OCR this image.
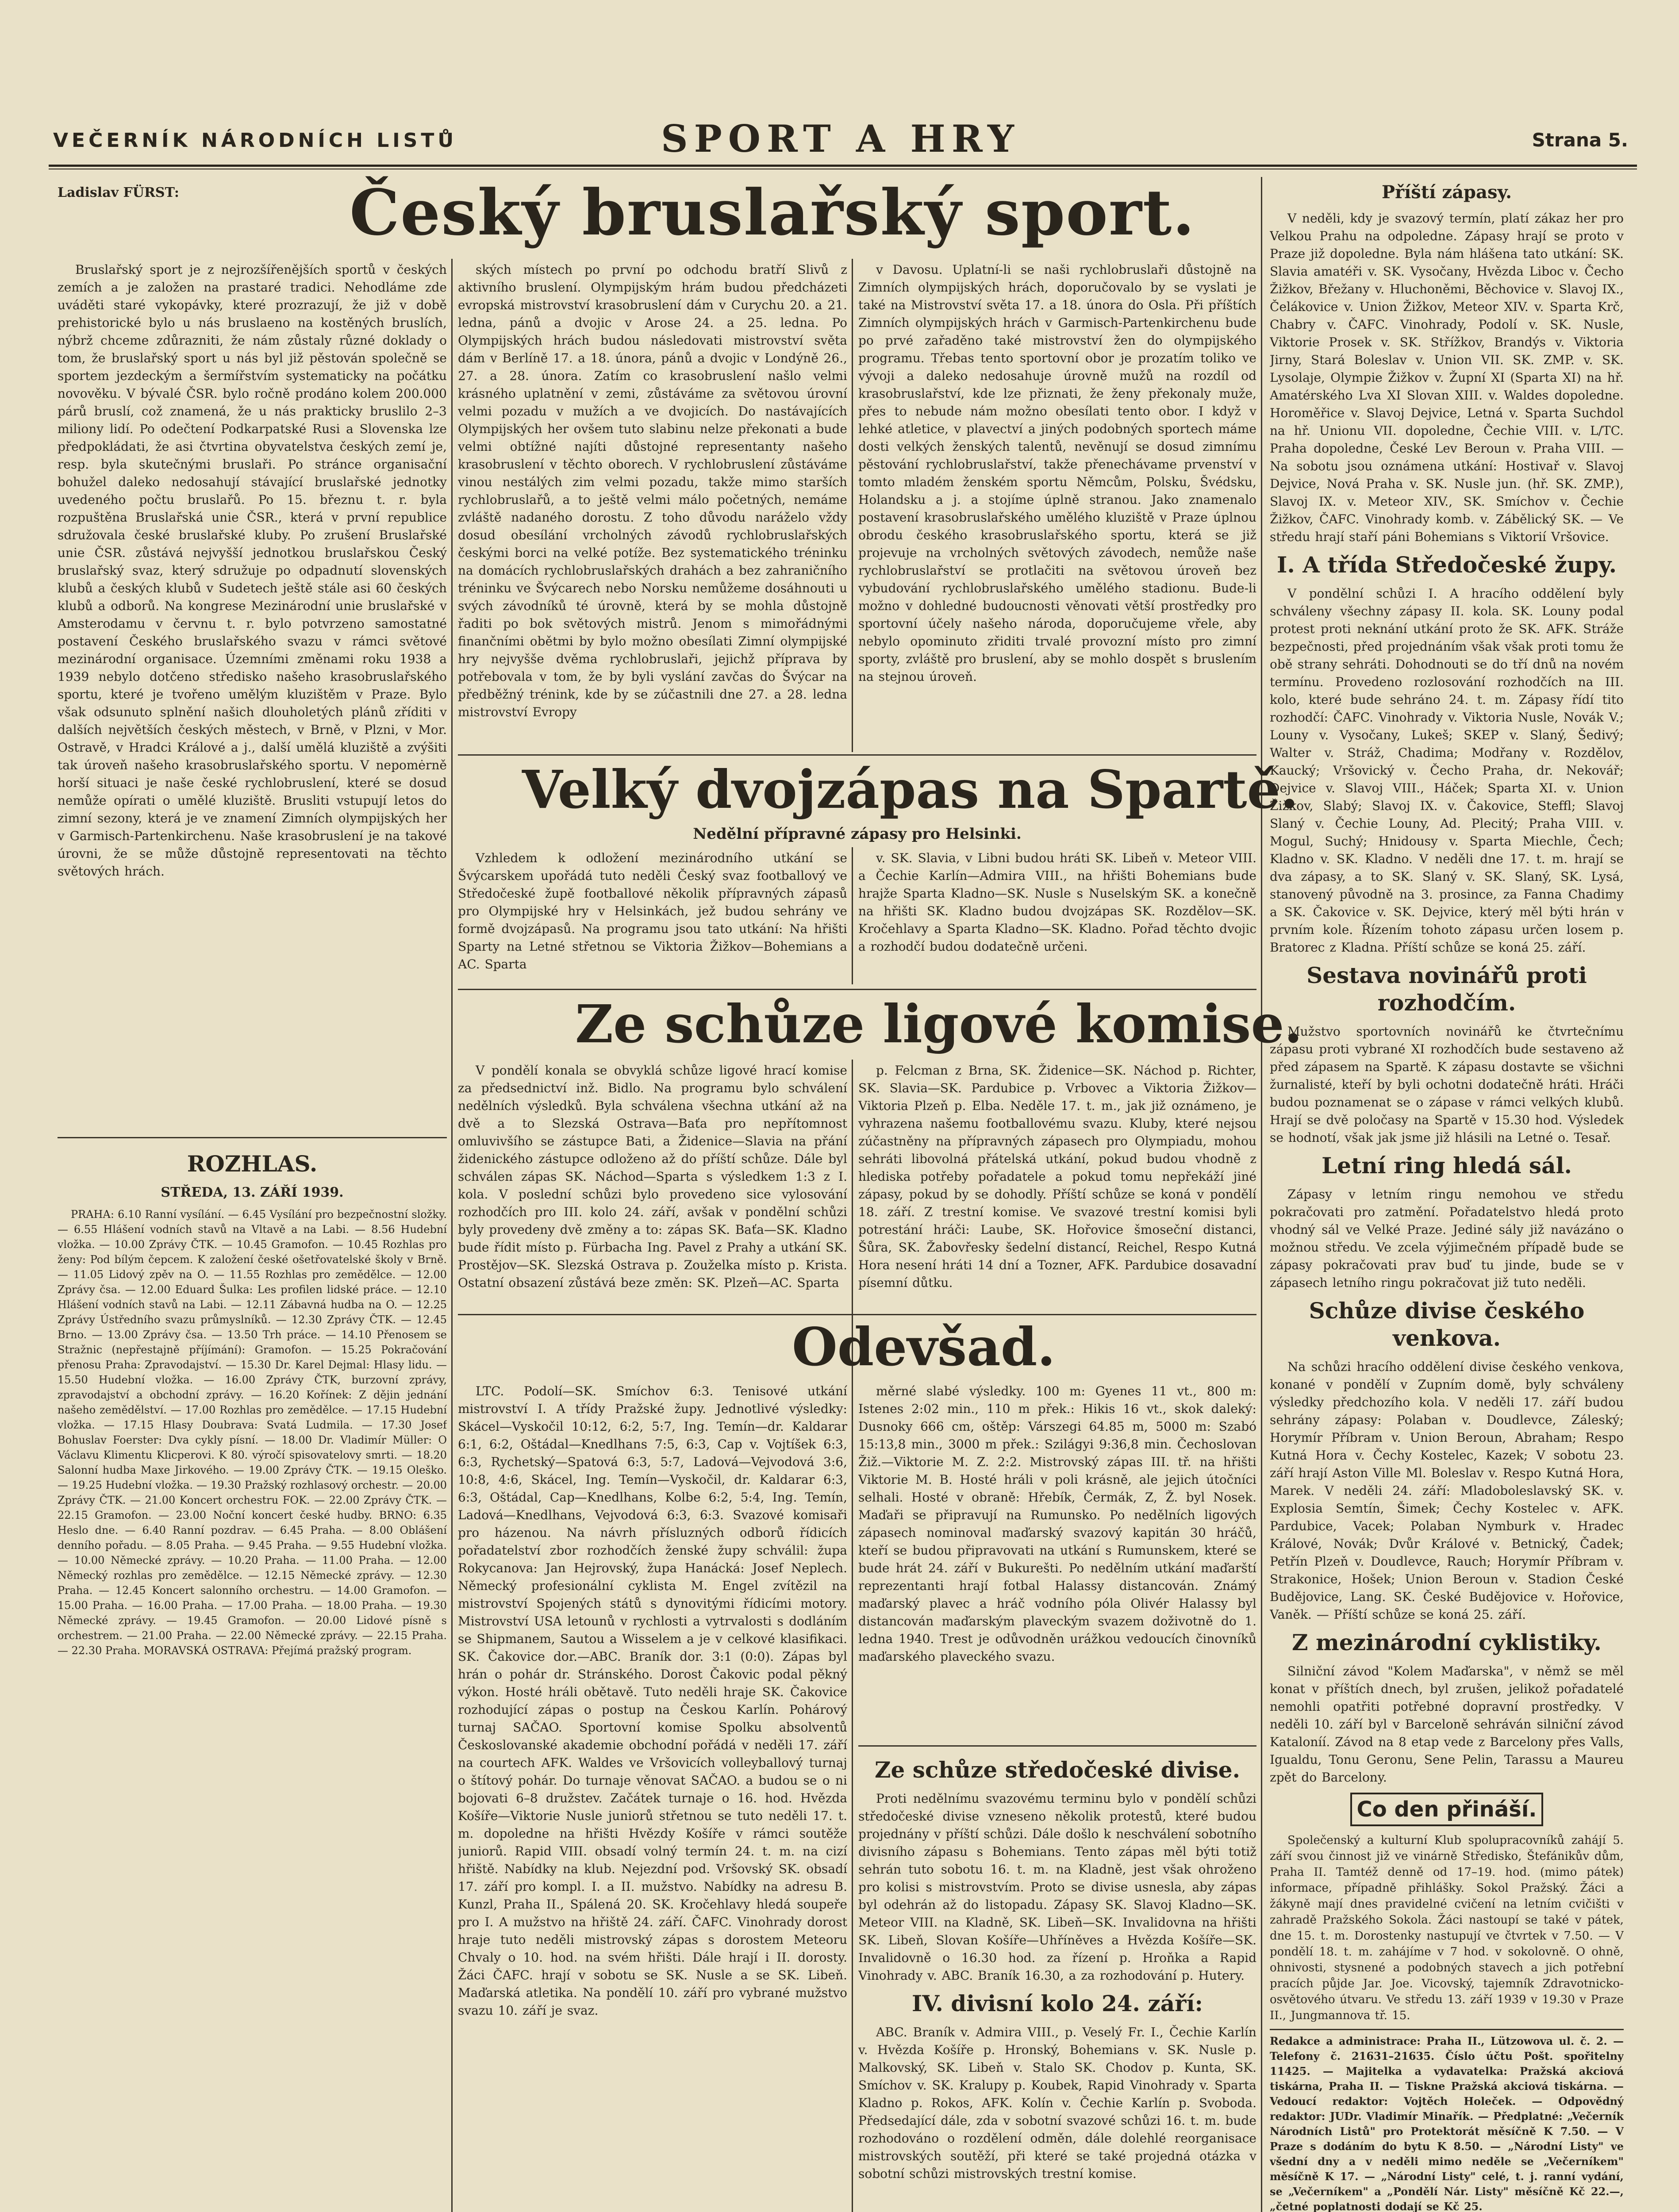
VEČERNÍK NÁRODNÍCH LISTŮ	SPORT A HRY	Strana 5.
Ladislav FÜRST:	Český bruslařský sport.

Bruslařský sport je z nejrozšířenějších sportů v českých zemích a je založen na prastaré tradici. Nehodláme zde uváděti staré vykopávky, které prozrazují, že již v době prehistorické bylo u nás bruslaeno na kostěných bruslích, nýbrž chceme zdůrazniti, že nám zůstaly různé doklady o tom, že bruslařský sport u nás byl již pěstován společně se sportem jezdeckým a šermířstvím systematicky na počátku novověku. V bývalé ČSR. bylo ročně prodáno kolem 200.000 párů bruslí, což znamená, že u nás prakticky bruslilo 2–3 miliony lidí. Po odečtení Podkarpatské Rusi a Slovenska lze předpokládati, že asi čtvrtina obyvatelstva českých zemí je, resp. byla skutečnými bruslaři. Po stránce organisační bohužel daleko nedosahují stávající bruslařské jednotky uvedeného počtu bruslařů. Po 15. březnu t. r. byla rozpuštěna Bruslařská unie ČSR., která v první republice sdružovala české bruslařské kluby. Po zrušení Bruslařské unie ČSR. zůstává nejvyšší jednotkou bruslařskou Český bruslařský svaz, který sdružuje po odpadnutí slovenských klubů a českých klubů v Sudetech ještě stále asi 60 českých klubů a odborů. Na kongrese Mezinárodní unie bruslařské v Amsterodamu v červnu t. r. bylo potvrzeno samostatné postavení Českého bruslařského svazu v rámci světové mezinárodní organisace. Územními změnami roku 1938 a 1939 nebylo dotčeno středisko našeho krasobruslařského sportu, které je tvořeno umělým kluzištěm v Praze. Bylo však odsunuto splnění našich dlouholetých plánů zříditi v dalších největších českých městech, v Brně, v Plzni, v Mor. Ostravě, v Hradci Králové a j., další umělá kluziště a zvýšiti tak úroveň našeho krasobruslařského sportu. V nepomėrně horší situaci je naše české rychlobruslení, které se dosud nemůže opírati o umělé kluziště. Brusliti vstupují letos do zimní sezony, která je ve znamení Zimních olympijských her v Garmisch-Partenkirchenu. Naše krasobruslení je na takové úrovni, že se může důstojně representovati na těchto světových hrách.

ských místech po první po odchodu bratří Slivů z aktivního bruslení. Olympijským hrám budou předcházeti evropská mistrovství krasobruslení dám v Curychu 20. a 21. ledna, pánů a dvojic v Arose 24. a 25. ledna. Po Olympijských hrách budou následovati mistrovství světa dám v Berlíně 17. a 18. února, pánů a dvojic v Londýně 26., 27. a 28. února. Zatím co krasobruslení našlo velmi krásného uplatnění v zemi, zůstáváme za světovou úrovní velmi pozadu v mužích a ve dvojicích. Do nastávajících Olympijských her ovšem tuto slabinu nelze překonati a bude velmi obtížné najíti důstojné representanty našeho krasobruslení v těchto oborech. V rychlobruslení zůstáváme vinou nestálých zim velmi pozadu, takže mimo starších rychlobruslařů, a to ještě velmi málo početných, nemáme zvláště nadaného dorostu. Z toho důvodu naráželo vždy dosud obesílání vrcholných závodů rychlobruslařských českými borci na velké potíže. Bez systematického tréninku na domácích rychlobruslařských drahách a bez zahraničního tréninku ve Švýcarech nebo Norsku nemůžeme dosáhnouti u svých závodníků té úrovně, která by se mohla důstojně řaditi po bok světových mistrů. Jenom s mimořádnými finančními obětmi by bylo možno obesílati Zimní olympijské hry nejvyšše dvěma rychlobruslaři, jejichž příprava by potřebovala v tom, že by byli vyslání zavčas do Švýcar na předběžný trénink, kde by se zúčastnili dne 27. a 28. ledna mistrovství Evropy

v Davosu. Uplatní-li se naši rychlobruslaři důstojně na Zimních olympijských hrách, doporučovalo by se vyslati je také na Mistrovství světa 17. a 18. února do Osla. Při příštích Zimních olympijských hrách v Garmisch-Partenkirchenu bude po prvé zařaděno také mistrovství žen do olympijského programu. Třebas tento sportovní obor je prozatím toliko ve vývoji a daleko nedosahuje úrovně mužů na rozdíl od krasobruslařství, kde lze přiznati, že ženy překonaly muže, přes to nebude nám možno obesílati tento obor. I když v lehké atletice, v plavectví a jiných podobných sportech máme dosti velkých ženských talentů, nevěnují se dosud zimnímu pěstování rychlobruslařství, takže přenechávame prvenství v tomto mladém ženském sportu Němcům, Polsku, Švédsku, Holandsku a j. a stojíme úplně stranou. Jako znamenalo postavení krasobruslařského umělého kluziště v Praze úplnou obrodu českého krasobruslařského sportu, která se již projevuje na vrcholných světových závodech, nemůže naše rychlobruslařství se protlačiti na světovou úroveň bez vybudování rychlobruslařského umělého stadionu. Bude-li možno v dohledné budoucnosti věnovati větší prostředky pro sportovní účely našeho národa, doporučujeme vřele, aby nebylo opominuto zřiditi trvalé provozní místo pro zimní sporty, zvláště pro bruslení, aby se mohlo dospět s bruslením na stejnou úroveň.

ROZHLAS.
STŘEDA, 13. ZÁŘÍ 1939.

PRAHA: 6.10 Ranní vysílání. — 6.45 Vysílání pro bezpečnostní složky. — 6.55 Hlášení vodních stavů na Vltavě a na Labi. — 8.56 Hudební vložka. — 10.00 Zprávy ČTK. — 10.45 Gramofon. — 10.45 Rozhlas pro ženy: Pod bílým čepcem. K založení české ošetřovatelské školy v Brně. — 11.05 Lidový zpěv na O. — 11.55 Rozhlas pro zemědělce. — 12.00 Zprávy čsa. — 12.00 Eduard Šulka: Les profilen lidské práce. — 12.10 Hlášení vodních stavů na Labi. — 12.11 Zábavná hudba na O. — 12.25 Zprávy Ústředního svazu průmyslníků. — 12.30 Zprávy ČTK. — 12.45 Brno. — 13.00 Zprávy čsa. — 13.50 Trh práce. — 14.10 Přenosem se Stražnic (nepřestajně příjímání): Gramofon. — 15.25 Pokračování přenosu Praha: Zpravodajství. — 15.30 Dr. Karel Dejmal: Hlasy lidu. — 15.50 Hudební vložka. — 16.00 Zprávy ČTK, burzovní zprávy, zpravodajství a obchodní zprávy. — 16.20 Kořínek: Z dějin jednání našeho zemědělství. — 17.00 Rozhlas pro zemědělce. — 17.15 Hudební vložka. — 17.15 Hlasy Doubrava: Svatá Ludmila. — 17.30 Josef Bohuslav Foerster: Dva cykly písní. — 18.00 Dr. Vladimír Müller: O Václavu Klimentu Klicperovi. K 80. výročí spisovatelovy smrti. — 18.20 Salonní hudba Maxe Jirkového. — 19.00 Zprávy ČTK. — 19.15 Oleško. — 19.25 Hudební vložka. — 19.30 Pražský rozhlasový orchestr. — 20.00 Zprávy ČTK. — 21.00 Koncert orchestru FOK. — 22.00 Zprávy ČTK. — 22.15 Gramofon. — 23.00 Noční koncert české hudby. BRNO: 6.35 Heslo dne. — 6.40 Ranní pozdrav. — 6.45 Praha. — 8.00 Oblášení denního pořadu. — 8.05 Praha. — 9.45 Praha. — 9.55 Hudební vložka. — 10.00 Německé zprávy. — 10.20 Praha. — 11.00 Praha. — 12.00 Německý rozhlas pro zemědělce. — 12.15 Německé zprávy. — 12.30 Praha. — 12.45 Koncert salonního orchestru. — 14.00 Gramofon. — 15.00 Praha. — 16.00 Praha. — 17.00 Praha. — 18.00 Praha. — 19.30 Německé zprávy. — 19.45 Gramofon. — 20.00 Lidové písně s orchestrem. — 21.00 Praha. — 22.00 Německé zprávy. — 22.15 Praha. — 22.30 Praha. MORAVSKÁ OSTRAVA: Přejímá pražský program.

Velký dvojzápas na Spartě.
Nedělní přípravné zápasy pro Helsinki.

Vzhledem k odložení mezinárodního utkání se Švýcarskem upořádá tuto neděli Český svaz footballový ve Středočeské župě footballové několik přípravných zápasů pro Olympijské hry v Helsinkách, jež budou sehrány ve formě dvojzápasů. Na programu jsou tato utkání: Na hřišti Sparty na Letné střetnou se Viktoria Žižkov—Bohemians a AC. Sparta

v. SK. Slavia, v Libni budou hráti SK. Libeň v. Meteor VIII. a Čechie Karlín—Admira VIII., na hřišti Bohemians bude hrajže Sparta Kladno—SK. Nusle s Nuselským SK. a konečně na hřišti SK. Kladno budou dvojzápas SK. Rozdělov—SK. Kročehlavy a Sparta Kladno—SK. Kladno. Pořad těchto dvojic a rozhodčí budou dodatečně určeni.

Ze schůze ligové komise.

V pondělí konala se obvyklá schůze ligové hrací komise za předsednictví inž. Bidlo. Na programu bylo schválení nedělních výsledků. Byla schválena všechna utkání až na dvě a to Slezská Ostrava—Baťa pro nepřítomnost omluvivšího se zástupce Bati, a Židenice—Slavia na přání židenického zástupce odloženo až do příští schůze. Dále byl schválen zápas SK. Náchod—Sparta s výsledkem 1:3 z I. kola. V poslední schůzi bylo provedeno sice vylosování rozhodčích pro III. kolo 24. září, avšak v pondělní schůzi byly provedeny dvě změny a to: zápas SK. Baťa—SK. Kladno bude řídit místo p. Fürbacha Ing. Pavel z Prahy a utkání SK. Prostějov—SK. Slezská Ostrava p. Zouželka místo p. Krista. Ostatní obsazení zůstává beze změn: SK. Plzeň—AC. Sparta

p. Felcman z Brna, SK. Židenice—SK. Náchod p. Richter, SK. Slavia—SK. Pardubice p. Vrbovec a Viktoria Žižkov—Viktoria Plzeň p. Elba. Neděle 17. t. m., jak již oznámeno, je vyhrazena našemu footballovému svazu. Kluby, které nejsou zúčastněny na přípravných zápasech pro Olympiadu, mohou sehráti libovolná přátelská utkání, pokud budou vhodně z hlediska potřeby pořadatele a pokud tomu nepřekáží jiné zápasy, pokud by se dohodly. Příští schůze se koná v pondělí 18. září. Z trestní komise. Ve svazové trestní komisi byli potrestání hráči: Laube, SK. Hořovice šmoseční distanci, Šůra, SK. Žabovřesky šedelní distancí, Reichel, Respo Kutná Hora nesení hráti 14 dní a Tozner, AFK. Pardubice dosavadní písemní důtku.

Odevšad.

LTC. Podolí—SK. Smíchov 6:3. Tenisové utkání mistrovství I. A třídy Pražské župy. Jednotlivé výsledky: Skácel—Vyskočil 10:12, 6:2, 5:7, Ing. Temín—dr. Kaldarar 6:1, 6:2, Oštádal—Knedlhans 7:5, 6:3, Cap v. Vojtíšek 6:3, 6:3, Rychetský—Spatová 6:3, 5:7, Ladová—Vejvodová 3:6, 10:8, 4:6, Skácel, Ing. Temín—Vyskočil, dr. Kaldarar 6:3, 6:3, Oštádal, Cap—Knedlhans, Kolbe 6:2, 5:4, Ing. Temín, Ladová—Knedlhans, Vejvodová 6:3, 6:3. Svazové komisaři pro házenou. Na návrh přísluzných odborů řídicích pořadatelství zbor rozhodčích ženské župy schválil: župa Rokycanova: Jan Hejrovský, župa Hanácká: Josef Neplech. Německý profesionální cyklista M. Engel zvítězil na mistrovství Spojených států s dynovitými řídicími motory. Mistrovství USA letounů v rychlosti a vytrvalosti s dodláním se Shipmanem, Sautou a Wisselem a je v celkové klasifikaci. SK. Čakovice dor.—ABC. Braník dor. 3:1 (0:0). Zápas byl hrán o pohár dr. Stránského. Dorost Čakovic podal pěkný výkon. Hosté hráli obětavě. Tuto neděli hraje SK. Čakovice rozhodující zápas o postup na Českou Karlín. Pohárový turnaj SAČAO. Sportovní komise Spolku absolventů Českoslovanské akademie obchodní pořádá v neděli 17. září na courtech AFK. Waldes ve Vršovicích volleyballový turnaj o štítový pohár. Do turnaje věnovat SAČAO. a budou se o ni bojovati 6–8 družstev. Začátek turnaje o 16. hod. Hvězda Košíře—Viktorie Nusle juniorů střetnou se tuto neděli 17. t. m. dopoledne na hřišti Hvězdy Košíře v rámci soutěže juniorů. Rapid VIII. obsadí volný termín 24. t. m. na cizí hřiště. Nabídky na klub. Nejezdní pod. Vršovský SK. obsadí 17. září pro kompl. I. a II. mužstvo. Nabídky na adresu B. Kunzl, Praha II., Spálená 20. SK. Kročehlavy hledá soupeře pro I. A mužstvo na hřiště 24. září. ČAFC. Vinohrady dorost hraje tuto neděli mistrovský zápas s dorostem Meteoru Chvaly o 10. hod. na svém hřišti. Dále hrají i II. dorosty. Žáci ČAFC. hrají v sobotu se SK. Nusle a se SK. Libeň. Maďarská atletika. Na pondělí 10. září pro vybrané mužstvo svazu 10. září je svaz.

měrné slabé výsledky. 100 m: Gyenes 11 vt., 800 m: Istenes 2:02 min., 110 m přek.: Hikis 16 vt., skok daleký: Dusnoky 666 cm, oštěp: Várszegi 64.85 m, 5000 m: Szabó 15:13,8 min., 3000 m přek.: Szilágyi 9:36,8 min. Čechoslovan Žiž.—Viktorie M. Z. 2:2. Mistrovský zápas III. tř. na hřišti Viktorie M. B. Hosté hráli v poli krásně, ale jejich útočníci selhali. Hosté v obraně: Hřebík, Čermák, Z, Ž. byl Nosek. Maďaři se připravují na Rumunsko. Po nedělních ligových zápasech nominoval maďarský svazový kapitán 30 hráčů, kteří se budou připravovati na utkání s Rumunskem, které se bude hrát 24. září v Bukurešti. Po nedělním utkání maďarští reprezentanti hrají fotbal Halassy distancován. Známý maďarský plavec a hráč vodního póla Olivér Halassy byl distancován maďarským plaveckým svazem doživotně do 1. ledna 1940. Trest je odůvodněn urážkou vedoucích činovníků maďarského plaveckého svazu.

Ze schůze středočeské divise.

Proti nedělnímu svazovému terminu bylo v pondělí schůzi středočeské divise vzneseno několik protestů, které budou projednány v příští schůzi. Dále došlo k neschválení sobotního divisního zápasu s Bohemians. Tento zápas měl býti totiž sehrán tuto sobotu 16. t. m. na Kladně, jest však ohroženo pro kolisi s mistrovstvím. Proto se divise usnesla, aby zápas byl odehrán až do listopadu. Zápasy SK. Slavoj Kladno—SK. Meteor VIII. na Kladně, SK. Libeň—SK. Invalidovna na hřišti SK. Libeň, Slovan Košíře—Uhříněves a Hvězda Košíře—SK. Invalidovně o 16.30 hod. za řízení p. Hroňka a Rapid Vinohrady v. ABC. Braník 16.30, a za rozhodování p. Hutery.

IV. divisní kolo 24. září:

ABC. Braník v. Admira VIII., p. Veselý Fr. I., Čechie Karlín v. Hvězda Košíře p. Hronský, Bohemians v. SK. Nusle p. Malkovský, SK. Libeň v. Stalo SK. Chodov p. Kunta, SK. Smíchov v. SK. Kralupy p. Koubek, Rapid Vinohrady v. Sparta Kladno p. Rokos, AFK. Kolín v. Čechie Karlín p. Svoboda. Předsedající dále, zda v sobotní svazové schůzi 16. t. m. bude rozhodováno o rozdělení odměn, dále dolehlé reorganisace mistrovských soutěží, při které se také projedná otázka v sobotní schůzi mistrovských trestní komise.

Příští zápasy.

V neděli, kdy je svazový termín, platí zákaz her pro Velkou Prahu na odpoledne. Zápasy hrají se proto v Praze již dopoledne. Byla nám hlášena tato utkání: SK. Slavia amatéři v. SK. Vysočany, Hvězda Liboc v. Čecho Žižkov, Břežany v. Hluchoněmi, Běchovice v. Slavoj IX., Čelákovice v. Union Žižkov, Meteor XIV. v. Sparta Krč, Chabry v. ČAFC. Vinohrady, Podolí v. SK. Nusle, Viktorie Prosek v. SK. Střížkov, Brandýs v. Viktoria Jirny, Stará Boleslav v. Union VII. SK. ZMP. v. SK. Lysolaje, Olympie Žižkov v. Župní XI (Sparta XI) na hř. Amatérského Lva XI Slovan XIII. v. Waldes dopoledne. Horoměřice v. Slavoj Dejvice, Letná v. Sparta Suchdol na hř. Unionu VII. dopoledne, Čechie VIII. v. L/TC. Praha dopoledne, České Lev Beroun v. Praha VIII. — Na sobotu jsou oznámena utkání: Hostivař v. Slavoj Dejvice, Nová Praha v. SK. Nusle jun. (hř. SK. ZMP.), Slavoj IX. v. Meteor XIV., SK. Smíchov v. Čechie Žižkov, ČAFC. Vinohrady komb. v. Zábělický SK. — Ve středu hrají staří páni Bohemians s Viktorií Vršovice.

I. A třída Středočeské župy.

V pondělní schůzi I. A hracího oddělení byly schváleny všechny zápasy II. kola. SK. Louny podal protest proti neknání utkání proto že SK. AFK. Stráže bezpečnosti, před projednáním však však proti tomu že obě strany sehráti. Dohodnouti se do tří dnů na novém termínu. Provedeno rozlosování rozhodčích na III. kolo, které bude sehráno 24. t. m. Zápasy řídí tito rozhodčí: ČAFC. Vinohrady v. Viktoria Nusle, Novák V.; Louny v. Vysočany, Lukeš; SKEP v. Slaný, Šedivý; Walter v. Stráž, Chadima; Modřany v. Rozdělov, Kaucký; Vršovický v. Čecho Praha, dr. Nekovář; Dejvice v. Slavoj VIII., Háček; Sparta XI. v. Union Žižkov, Slabý; Slavoj IX. v. Čakovice, Steffl; Slavoj Slaný v. Čechie Louny, Ad. Plecitý; Praha VIII. v. Mogul, Suchý; Hnidousy v. Sparta Miechle, Čech; Kladno v. SK. Kladno. V neděli dne 17. t. m. hrají se dva zápasy, a to SK. Slaný v. SK. Slaný, SK. Lysá, stanovený původně na 3. prosince, za Fanna Chadimy a SK. Čakovice v. SK. Dejvice, který měl býti hrán v prvním kole. Řízením tohoto zápasu určen losem p. Bratorec z Kladna. Příští schůze se koná 25. září.

Sestava novinářů proti rozhodčím.

Mužstvo sportovních novinářů ke čtvrtečnímu zápasu proti vybrané XI rozhodčích bude sestaveno až před zápasem na Spartě. K zápasu dostavte se všichni žurnalisté, kteří by byli ochotni dodatečně hráti. Hráči budou poznamenat se o zápase v rámci velkých klubů. Hrají se dvě poločasy na Spartě v 15.30 hod. Výsledek se hodnotí, však jak jsme již hlásili na Letné o. Tesař.

Letní ring hledá sál.

Zápasy v letním ringu nemohou ve středu pokračovati pro zatmění. Pořadatelstvo hledá proto vhodný sál ve Velké Praze. Jediné sály již navázáno o možnou středu. Ve zcela výjimečném případě bude se zápasy pokračovati prav buď tu jinde, bude se v zápasech letního ringu pokračovat již tuto neděli.

Schůze divise českého venkova.

Na schůzi hracího oddělení divise českého venkova, konané v pondělí v Zupním domě, byly schváleny výsledky předchozího kola. V neděli 17. září budou sehrány zápasy: Polaban v. Doudlevce, Záleský; Horymír Příbram v. Union Beroun, Abraham; Respo Kutná Hora v. Čechy Kostelec, Kazek; V sobotu 23. září hrají Aston Ville Ml. Boleslav v. Respo Kutná Hora, Marek. V neděli 24. září: Mladoboleslavský SK. v. Explosia Semtín, Šimek; Čechy Kostelec v. AFK. Pardubice, Vacek; Polaban Nymburk v. Hradec Králové, Novák; Dvůr Králové v. Betnický, Čadek; Petřín Plzeň v. Doudlevce, Rauch; Horymír Příbram v. Strakonice, Hošek; Union Beroun v. Stadion České Budějovice, Lang. SK. České Budějovice v. Hořovice, Vaněk. — Příští schůze se koná 25. září.

Z mezinárodní cyklistiky.

Silniční závod "Kolem Maďarska", v němž se měl konat v příštích dnech, byl zrušen, jelikož pořadatelé nemohli opatřiti potřebné dopravní prostředky. V neděli 10. září byl v Barceloně sehráván silniční závod Kataloníí. Závod na 8 etap vede z Barcelony přes Valls, Igualdu, Tonu Geronu, Sene Pelin, Tarassu a Maureu zpět do Barcelony.

Co den přináší.

Společenský a kulturní Klub spolupracovníků zahájí 5. září svou činnost již ve vinárně Středisko, Štefánikův dům, Praha II. Tamtéž denně od 17–19. hod. (mimo pátek) informace, případně přihlášky. Sokol Pražský. Žáci a žákyně mají dnes pravidelné cvičení na letním cvičišti v zahradě Pražského Sokola. Žáci nastoupí se také v pátek, dne 15. t. m. Dorostenky nastupují ve čtvrtek v 7.50. — V pondělí 18. t. m. zahájíme v 7 hod. v sokolovně. O ohně, ohnivosti, stysnené a podobných stavech a jich potřební pracích půjde Jar. Joe. Vicovský, tajemník Zdravotnicko-osvětového útvaru. Ve středu 13. září 1939 v 19.30 v Praze II., Jungmannova tř. 15.

Redakce a administrace: Praha II., Lützowova ul. č. 2. — Telefony č. 21631–21635. Číslo účtu Pošt. spořitelny 11425. — Majitelka a vydavatelka: Pražská akciová tiskárna, Praha II. — Tiskne Pražská akciová tiskárna. — Vedoucí redaktor: Vojtěch Holeček. — Odpovědný redaktor: JUDr. Vladimír Minařík. — Předplatné: „Večerník Národních Listů" pro Protektorát měsíčně K 7.50. — V Praze s dodáním do bytu K 8.50. — „Národní Listy" ve všední dny a v neděli mimo neděle se „Večerníkem" měsíčně K 17. — „Národní Listy" celé, t. j. ranní vydání, se „Večerníkem" a „Pondělí Nár. Listy" měsíčně Kč 22.—, „četné poplatnosti dodají se Kč 25.
